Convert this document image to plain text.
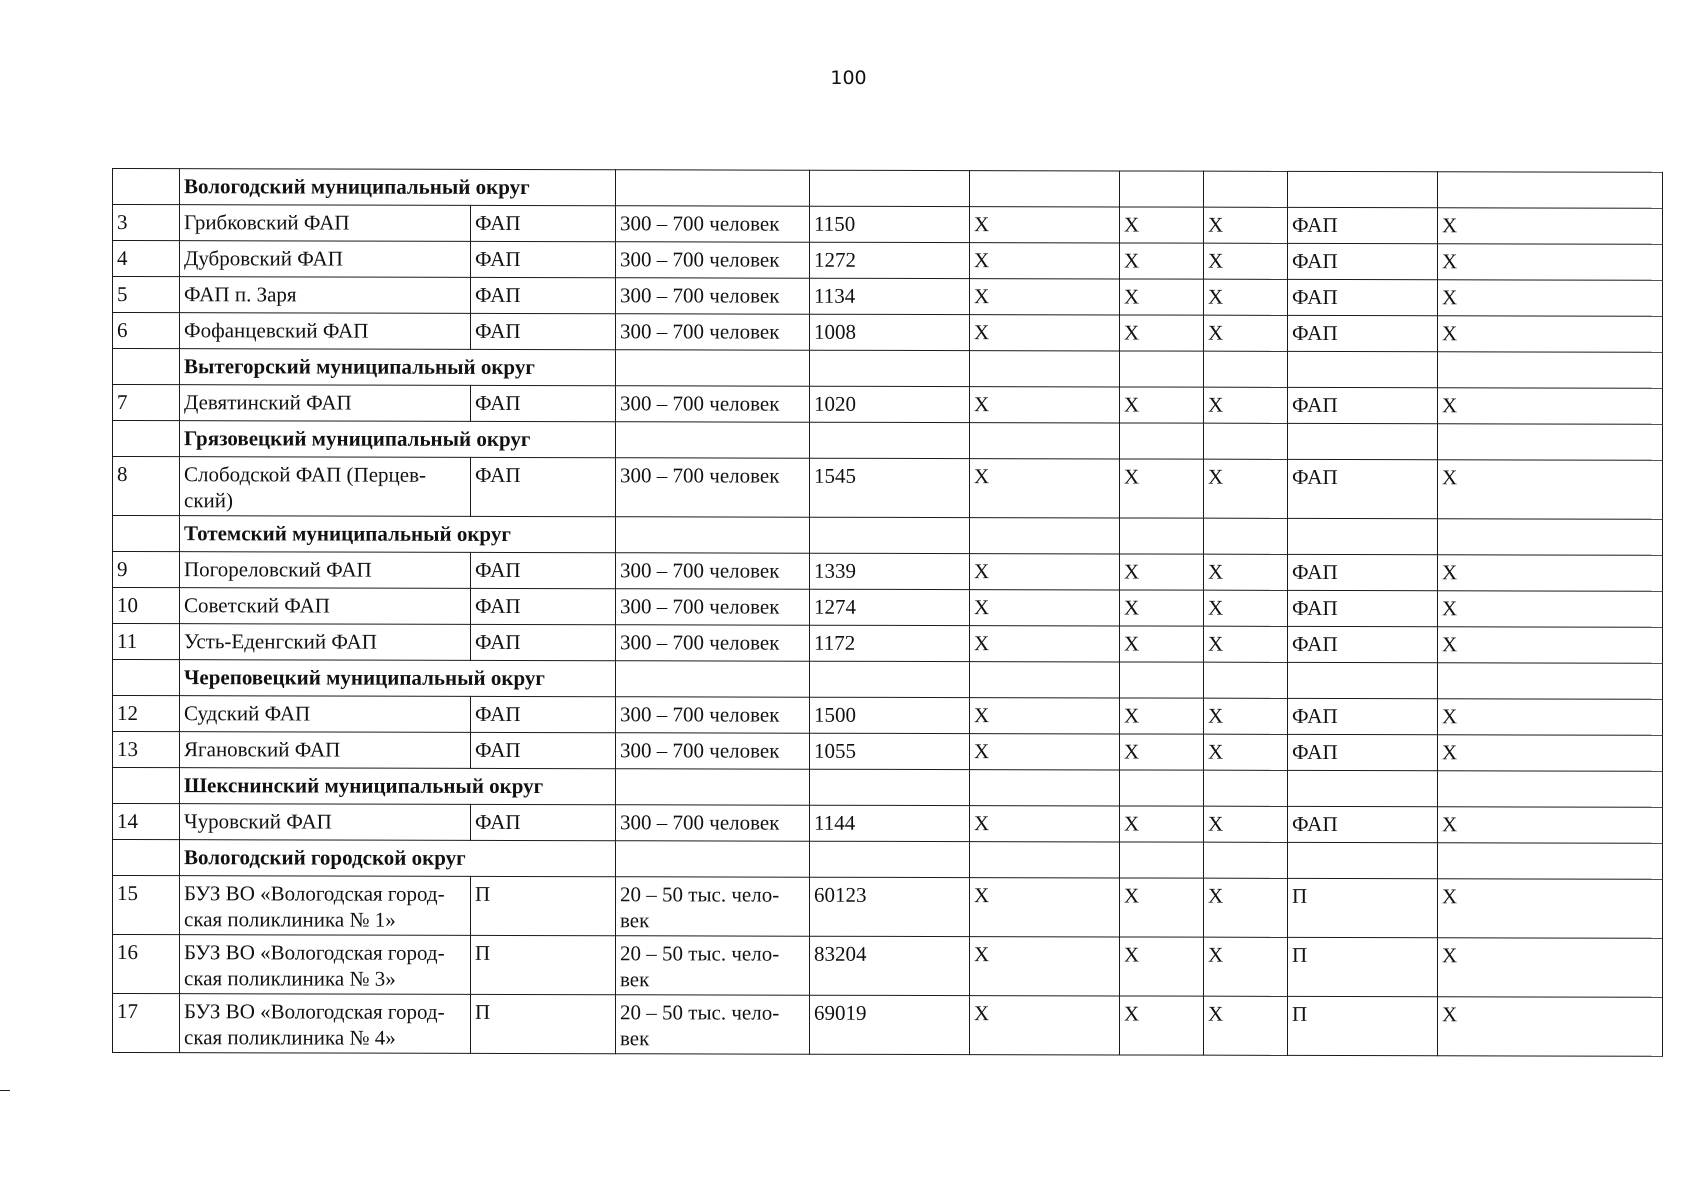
100
	Вологодский муниципальный округ								
3	Грибковский ФАП	ФАП	300 – 700 человек	1150	X	X	X	ФАП	X
4	Дубровский ФАП	ФАП	300 – 700 человек	1272	X	X	X	ФАП	X
5	ФАП п. Заря	ФАП	300 – 700 человек	1134	X	X	X	ФАП	X
6	Фофанцевский ФАП	ФАП	300 – 700 человек	1008	X	X	X	ФАП	X
	Вытегорский муниципальный округ								
7	Девятинский ФАП	ФАП	300 – 700 человек	1020	X	X	X	ФАП	X
	Грязовецкий муниципальный округ								
8	Слободской ФАП (Перцев-ский)	ФАП	300 – 700 человек	1545	X	X	X	ФАП	X
	Тотемский муниципальный округ								
9	Погореловский ФАП	ФАП	300 – 700 человек	1339	X	X	X	ФАП	X
10	Советский ФАП	ФАП	300 – 700 человек	1274	X	X	X	ФАП	X
11	Усть-Еденгский ФАП	ФАП	300 – 700 человек	1172	X	X	X	ФАП	X
	Череповецкий муниципальный округ								
12	Судский ФАП	ФАП	300 – 700 человек	1500	X	X	X	ФАП	X
13	Ягановский ФАП	ФАП	300 – 700 человек	1055	X	X	X	ФАП	X
	Шекснинский муниципальный округ								
14	Чуровский ФАП	ФАП	300 – 700 человек	1144	X	X	X	ФАП	X
	Вологодский городской округ								
15	БУЗ ВО «Вологодская город-ская поликлиника № 1»	П	20 – 50 тыс. чело-век	60123	X	X	X	П	X
16	БУЗ ВО «Вологодская город-ская поликлиника № 3»	П	20 – 50 тыс. чело-век	83204	X	X	X	П	X
17	БУЗ ВО «Вологодская город-ская поликлиника № 4»	П	20 – 50 тыс. чело-век	69019	X	X	X	П	X
